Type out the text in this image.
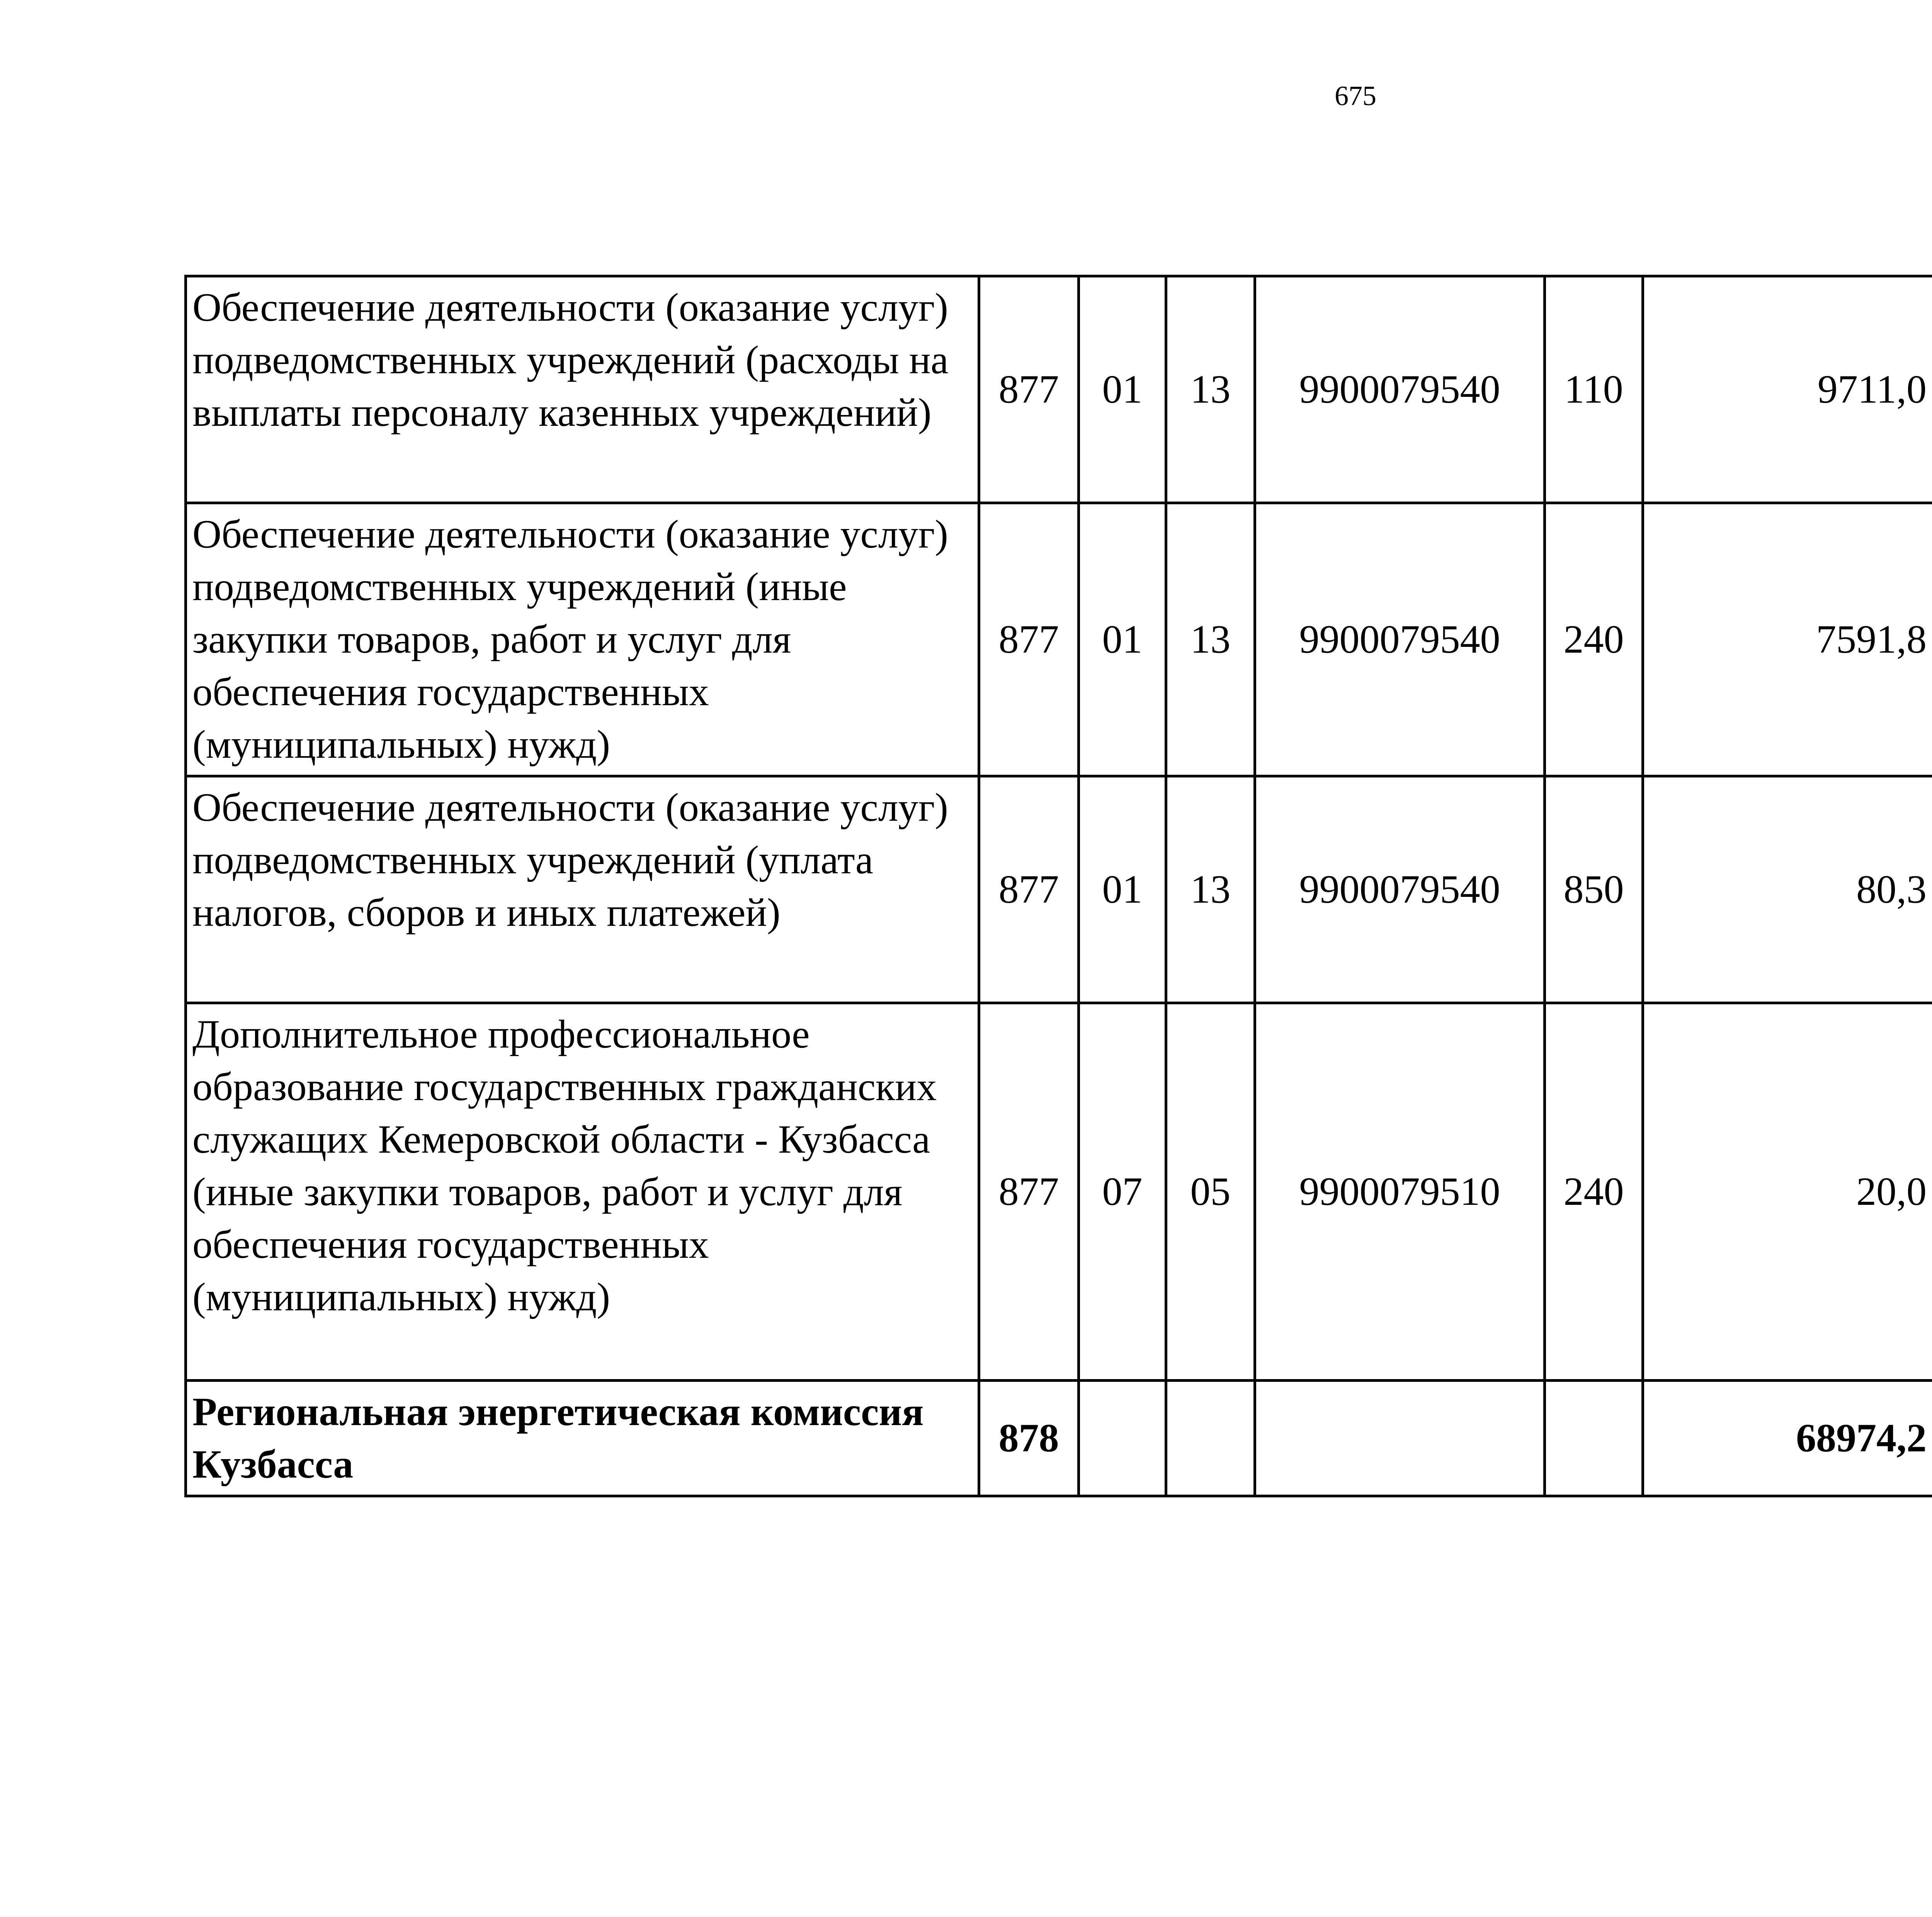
675
Обеспечение деятельности (оказание услуг) подведомственных учреждений (расходы на выплаты персоналу казенных учреждений)	877	01	13	9900079540	110	9711,0		
Обеспечение деятельности (оказание услуг) подведомственных учреждений (иные закупки товаров, работ и услуг для обеспечения государственных (муниципальных) нужд)	877	01	13	9900079540	240	7591,8		
Обеспечение деятельности (оказание услуг) подведомственных учреждений (уплата налогов, сборов и иных платежей)	877	01	13	9900079540	850	80,3		
Дополнительное профессиональное образование государственных гражданских служащих Кемеровской области - Кузбасса (иные закупки товаров, работ и услуг для обеспечения государственных (муниципальных) нужд)	877	07	05	9900079510	240	20,0		
Региональная энергетическая комиссия Кузбасса	878					68974,2		
